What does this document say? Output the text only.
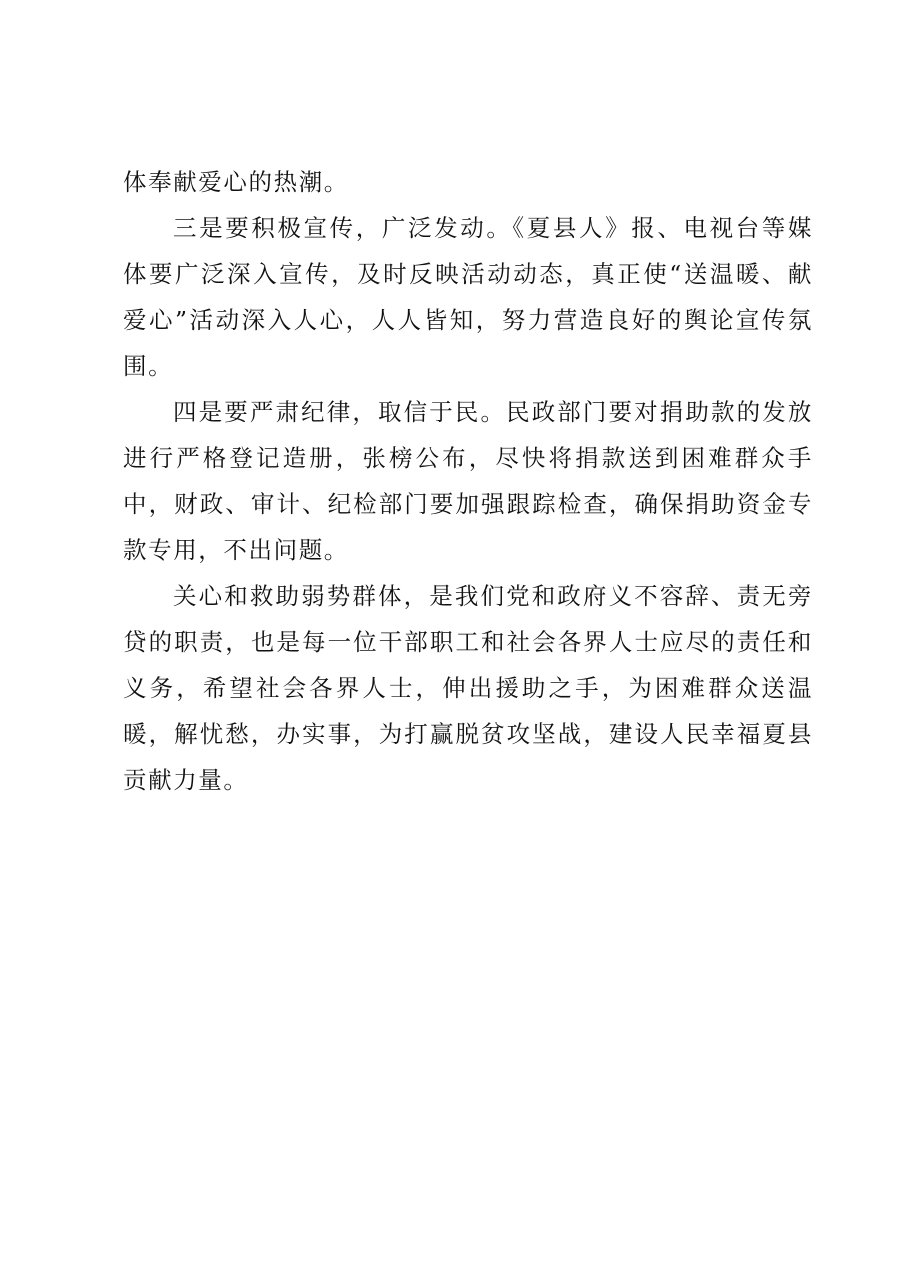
体奉献爱心的热潮。

三是要积极宣传，广泛发动。《夏县人》报、电视台等媒体要广泛深入宣传，及时反映活动动态，真正使“送温暖、献爱心”活动深入人心，人人皆知，努力营造良好的舆论宣传氛围。

四是要严肃纪律，取信于民。民政部门要对捐助款的发放进行严格登记造册，张榜公布，尽快将捐款送到困难群众手中，财政、审计、纪检部门要加强跟踪检查，确保捐助资金专款专用，不出问题。

关心和救助弱势群体，是我们党和政府义不容辞、责无旁贷的职责，也是每一位干部职工和社会各界人士应尽的责任和义务，希望社会各界人士，伸出援助之手，为困难群众送温暖，解忧愁，办实事，为打赢脱贫攻坚战，建设人民幸福夏县贡献力量。
